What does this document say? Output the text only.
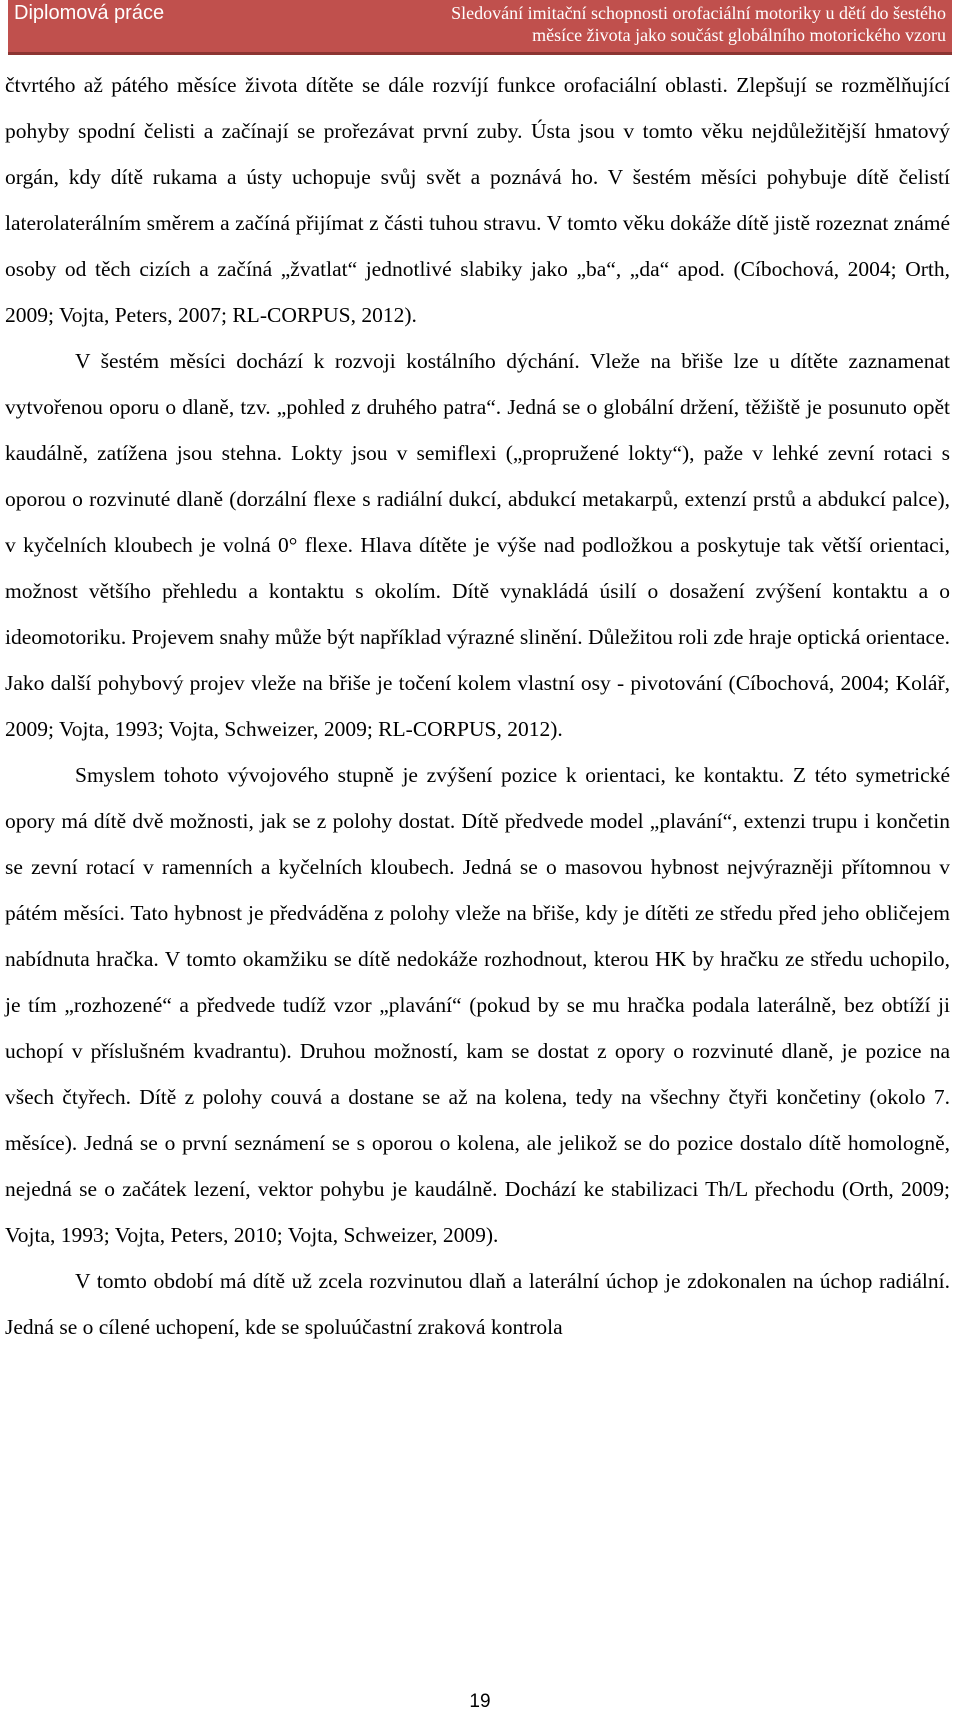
Diplomová práce	Sledování imitační schopnosti orofaciální motoriky u dětí do šestého
měsíce života jako součást globálního motorického vzoru

čtvrtého až pátého měsíce života dítěte se dále rozvíjí funkce orofaciální oblasti. Zlepšují se rozmělňující pohyby spodní čelisti a začínají se prořezávat první zuby. Ústa jsou v tomto věku nejdůležitější hmatový orgán, kdy dítě rukama a ústy uchopuje svůj svět a poznává ho. V šestém měsíci pohybuje dítě čelistí laterolaterálním směrem a začíná přijímat z části tuhou stravu. V tomto věku dokáže dítě jistě rozeznat známé osoby od těch cizích a začíná „žvatlat“ jednotlivé slabiky jako „ba“, „da“ apod. (Cíbochová, 2004; Orth, 2009; Vojta, Peters, 2007; RL-CORPUS, 2012).

V šestém měsíci dochází k rozvoji kostálního dýchání. Vleže na břiše lze u dítěte zaznamenat vytvořenou oporu o dlaně, tzv. „pohled z druhého patra“. Jedná se o globální držení, těžiště je posunuto opět kaudálně, zatížena jsou stehna. Lokty jsou v semiflexi („propružené lokty“), paže v lehké zevní rotaci s oporou o rozvinuté dlaně (dorzální flexe s radiální dukcí, abdukcí metakarpů, extenzí prstů a abdukcí palce), v kyčelních kloubech je volná 0° flexe. Hlava dítěte je výše nad podložkou a poskytuje tak větší orientaci, možnost většího přehledu a kontaktu s okolím. Dítě vynakládá úsilí o dosažení zvýšení kontaktu a o ideomotoriku. Projevem snahy může být například výrazné slinění. Důležitou roli zde hraje optická orientace. Jako další pohybový projev vleže na břiše je točení kolem vlastní osy - pivotování (Cíbochová, 2004; Kolář, 2009; Vojta, 1993; Vojta, Schweizer, 2009; RL-CORPUS, 2012).

Smyslem tohoto vývojového stupně je zvýšení pozice k orientaci, ke kontaktu. Z této symetrické opory má dítě dvě možnosti, jak se z polohy dostat. Dítě předvede model „plavání“, extenzi trupu i končetin se zevní rotací v ramenních a kyčelních kloubech. Jedná se o masovou hybnost nejvýrazněji přítomnou v pátém měsíci. Tato hybnost je předváděna z polohy vleže na břiše, kdy je dítěti ze středu před jeho obličejem nabídnuta hračka. V tomto okamžiku se dítě nedokáže rozhodnout, kterou HK by hračku ze středu uchopilo, je tím „rozhozené“ a předvede tudíž vzor „plavání“ (pokud by se mu hračka podala laterálně, bez obtíží ji uchopí v příslušném kvadrantu). Druhou možností, kam se dostat z opory o rozvinuté dlaně, je pozice na všech čtyřech. Dítě z polohy couvá a dostane se až na kolena, tedy na všechny čtyři končetiny (okolo 7. měsíce). Jedná se o první seznámení se s oporou o kolena, ale jelikož se do pozice dostalo dítě homologně, nejedná se o začátek lezení, vektor pohybu je kaudálně. Dochází ke stabilizaci Th/L přechodu (Orth, 2009; Vojta, 1993; Vojta, Peters, 2010; Vojta, Schweizer, 2009).

V tomto období má dítě už zcela rozvinutou dlaň a laterální úchop je zdokonalen na úchop radiální. Jedná se o cílené uchopení, kde se spoluúčastní zraková kontrola

19
